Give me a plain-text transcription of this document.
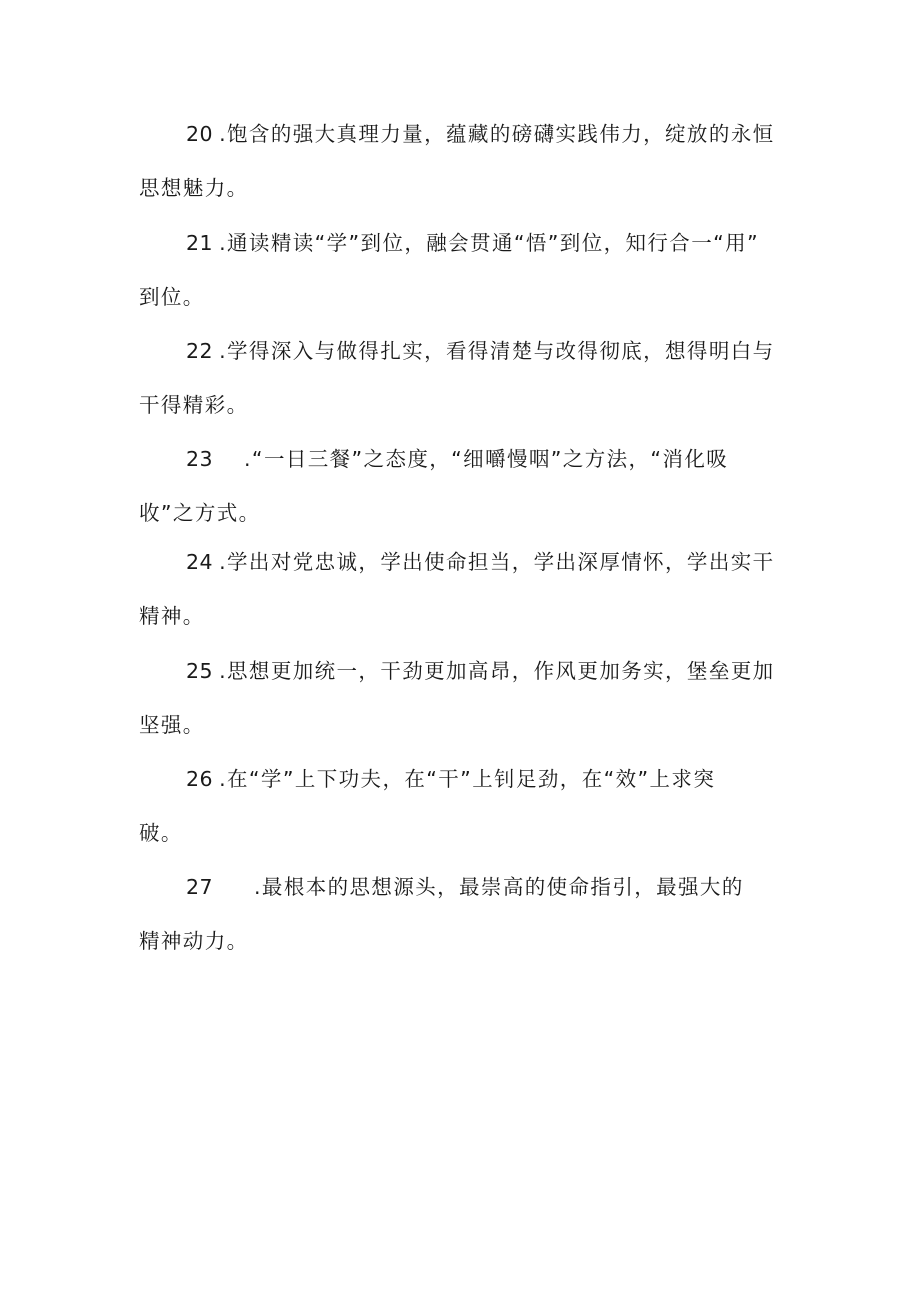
20 .饱含的强大真理力量，蕴藏的磅礴实践伟力，绽放的永恒
思想魅力。
21 .通读精读“学”到位，融会贯通“悟”到位，知行合一“用”
到位。
22 .学得深入与做得扎实，看得清楚与改得彻底，想得明白与
干得精彩。
23 .“一日三餐”之态度，“细嚼慢咽”之方法，“消化吸
收”之方式。
24 .学出对党忠诚，学出使命担当，学出深厚情怀，学出实干
精神。
25 .思想更加统一，干劲更加高昂，作风更加务实，堡垒更加
坚强。
26 .在“学”上下功夫，在“干”上钊足劲，在“效”上求突
破。
27 .最根本的思想源头，最崇高的使命指引，最强大的
精神动力。
